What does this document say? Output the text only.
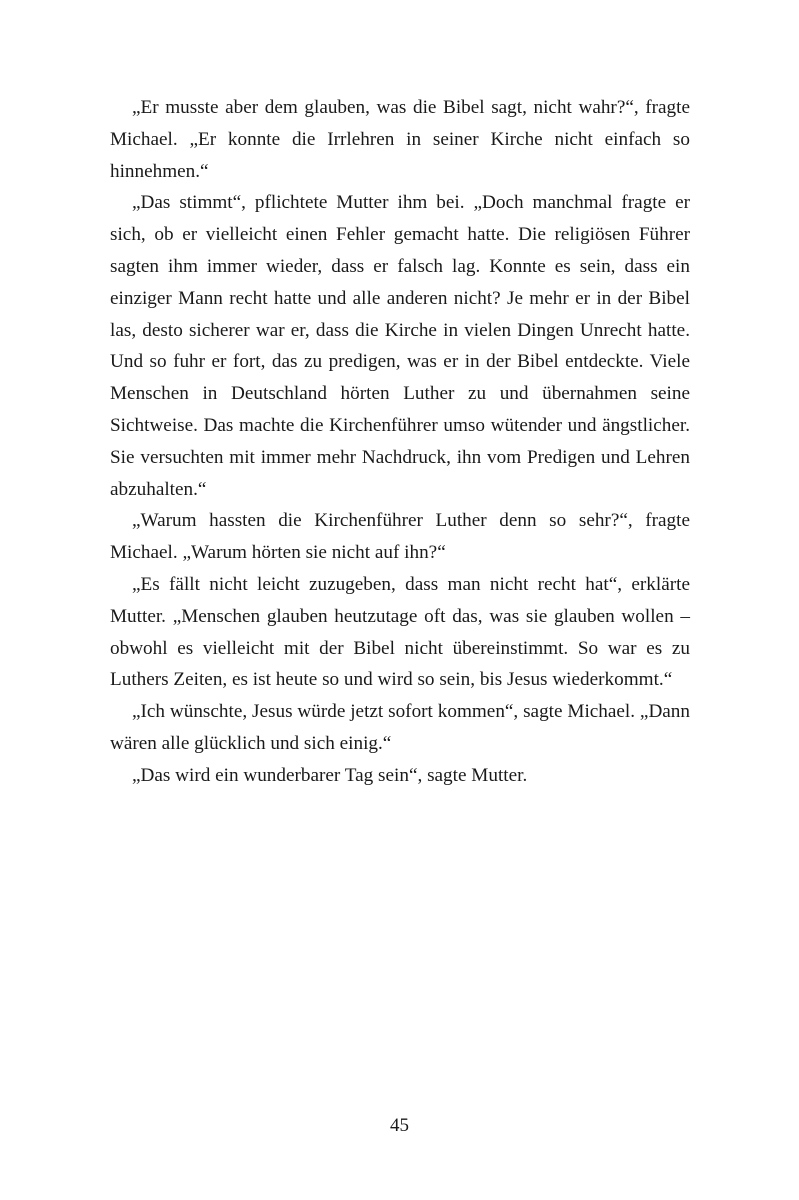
„Er musste aber dem glauben, was die Bibel sagt, nicht wahr?“, fragte Michael. „Er konnte die Irrlehren in seiner Kirche nicht einfach so hinnehmen.“

„Das stimmt“, pflichtete Mutter ihm bei. „Doch manchmal fragte er sich, ob er vielleicht einen Fehler gemacht hatte. Die religiösen Führer sagten ihm immer wieder, dass er falsch lag. Konnte es sein, dass ein einziger Mann recht hatte und alle anderen nicht? Je mehr er in der Bibel las, desto sicherer war er, dass die Kirche in vielen Dingen Unrecht hatte. Und so fuhr er fort, das zu predigen, was er in der Bibel entdeckte. Viele Menschen in Deutschland hörten Luther zu und übernahmen seine Sichtweise. Das machte die Kirchenführer umso wütender und ängstlicher. Sie versuchten mit immer mehr Nachdruck, ihn vom Predigen und Lehren abzuhalten.“

„Warum hassten die Kirchenführer Luther denn so sehr?“, fragte Michael. „Warum hörten sie nicht auf ihn?“

„Es fällt nicht leicht zuzugeben, dass man nicht recht hat“, erklärte Mutter. „Menschen glauben heutzutage oft das, was sie glauben wollen – obwohl es vielleicht mit der Bibel nicht übereinstimmt. So war es zu Luthers Zeiten, es ist heute so und wird so sein, bis Jesus wiederkommt.“

„Ich wünschte, Jesus würde jetzt sofort kommen“, sagte Michael. „Dann wären alle glücklich und sich einig.“

„Das wird ein wunderbarer Tag sein“, sagte Mutter.

45
